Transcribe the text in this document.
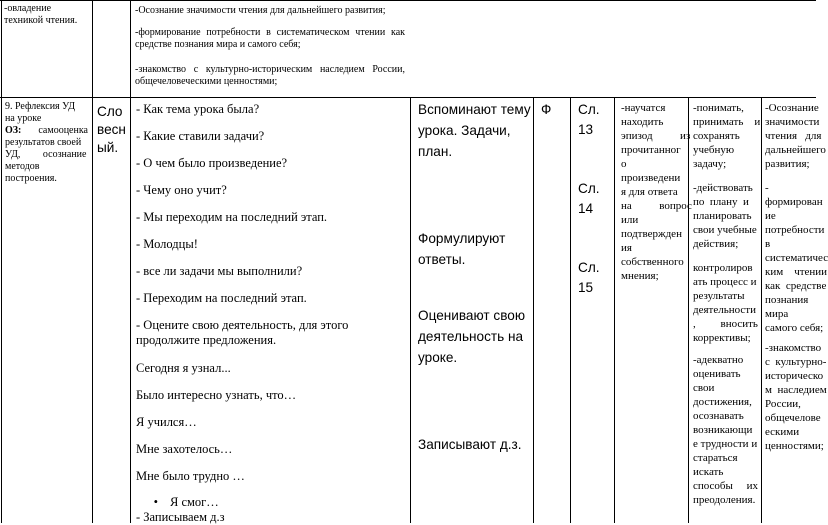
-овладение
техникой чтения.
-Осознание значимости чтения для дальнейшего развития;
-формирование потребности в систематическом чтении как
средстве познания мира и самого себя;
-знакомство с культурно-историческим наследием России,
общечеловеческими ценностями;
9. Рефлексия УД
на уроке
ОЗ: самооценка
результатов своей
УД,         осознание
методов
построения.
Сло
весн
ый.
- Как тема урока была?
- Какие ставили задачи?
- О чем было произведение?
- Чему оно учит?
- Мы переходим на последний этап.
- Молодцы!
- все ли задачи мы выполнили?
- Переходим на последний этап.
- Оцените свою деятельность, для этого
продолжите предложения.
Сегодня я узнал...
Было интересно узнать, что…
Я учился…
Мне захотелось…
Мне было трудно …
• Я смог…
- Записываем д.з
Вспоминают тему
урока. Задачи,
план.
Формулируют
ответы.
Оценивают свою
деятельность на
уроке.
Записывают д.з.
Ф Сл.
13
Сл.
14
Сл.
15
-научатся
находить
эпизод          из
прочитанног
о
произведени
я для ответа
на          вопрос
или
подтвержден
ия
собственного
мнения;
-понимать,
принимать    и
сохранять
учебную
задачу;
-действовать
по  плану  и
планировать
свои учебные
действия;
контролиров
ать процесс и
результаты
деятельности
,         вносить
коррективы;
-адекватно
оценивать
свои
достижения,
осознавать
возникающи
е трудности и
стараться
искать
способы     их
преодоления.
-Осознание
значимости
чтения   для
дальнейшего
развития;
-
формирован
ие
потребности
в
систематичес
ким    чтении
как  средстве
познания
мира
самого себя;
-знакомство
с  культурно-
историческо
м  наследием
России,
общечелове
ескими
ценностями;
